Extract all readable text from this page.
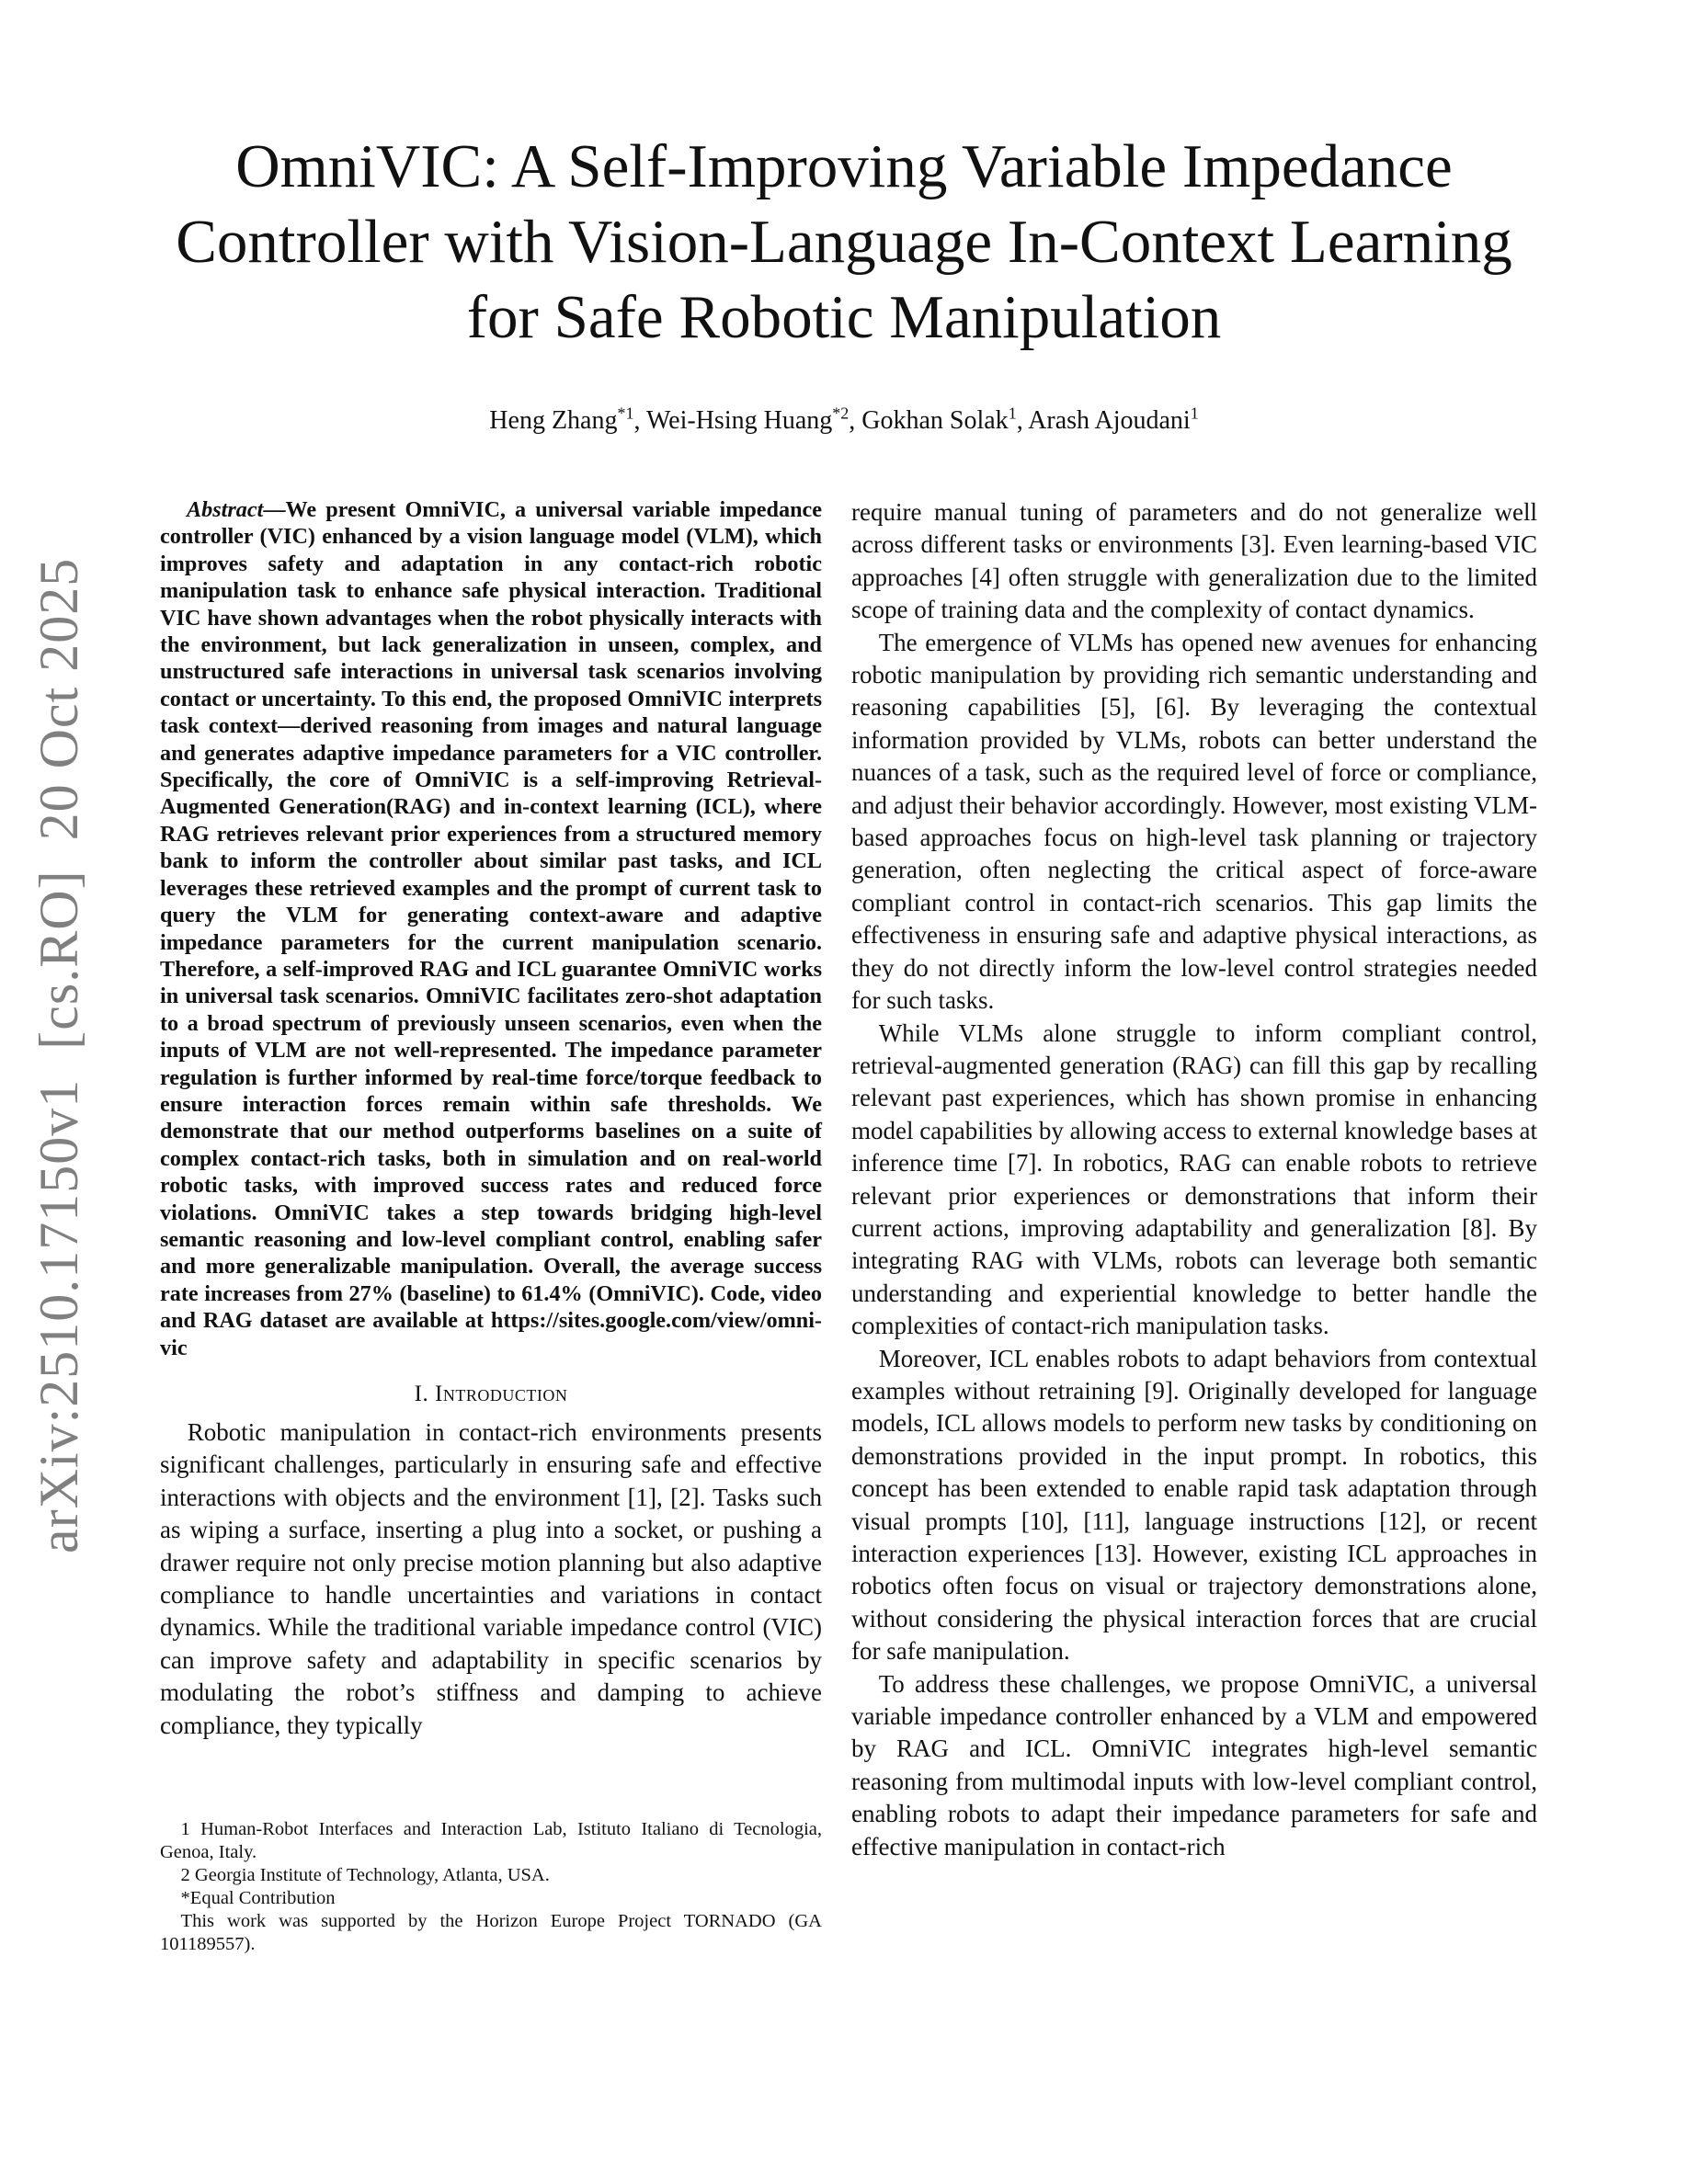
OmniVIC: A Self-Improving Variable Impedance Controller with Vision-Language In-Context Learning for Safe Robotic Manipulation
Heng Zhang$^{*1}$, Wei-Hsing Huang$^{*2}$, Gokhan Solak$^1$, Arash Ajoudani$^1$
arXiv:2510.17150v1  [cs.RO]  20 Oct 2025

Abstract—We present OmniVIC, a universal variable impedance controller (VIC) enhanced by a vision language model (VLM), which improves safety and adaptation in any contact-rich robotic manipulation task to enhance safe physical interaction. Traditional VIC have shown advantages when the robot physically interacts with the environment, but lack generalization in unseen, complex, and unstructured safe interactions in universal task scenarios involving contact or uncertainty. To this end, the proposed OmniVIC interprets task context—derived reasoning from images and natural language and generates adaptive impedance parameters for a VIC controller. Specifically, the core of OmniVIC is a self-improving Retrieval-Augmented Generation(RAG) and in-context learning (ICL), where RAG retrieves relevant prior experiences from a structured memory bank to inform the controller about similar past tasks, and ICL leverages these retrieved examples and the prompt of current task to query the VLM for generating context-aware and adaptive impedance parameters for the current manipulation scenario. Therefore, a self-improved RAG and ICL guarantee OmniVIC works in universal task scenarios. OmniVIC facilitates zero-shot adaptation to a broad spectrum of previously unseen scenarios, even when the inputs of VLM are not well-represented. The impedance parameter regulation is further informed by real-time force/torque feedback to ensure interaction forces remain within safe thresholds. We demonstrate that our method outperforms baselines on a suite of complex contact-rich tasks, both in simulation and on real-world robotic tasks, with improved success rates and reduced force violations. OmniVIC takes a step towards bridging high-level semantic reasoning and low-level compliant control, enabling safer and more generalizable manipulation. Overall, the average success rate increases from 27% (baseline) to 61.4% (OmniVIC). Code, video and RAG dataset are available at https://sites.google.com/view/omni-vic

I. Introduction

Robotic manipulation in contact-rich environments presents significant challenges, particularly in ensuring safe and effective interactions with objects and the environment [1], [2]. Tasks such as wiping a surface, inserting a plug into a socket, or pushing a drawer require not only precise motion planning but also adaptive compliance to handle uncertainties and variations in contact dynamics. While the traditional variable impedance control (VIC) can improve safety and adaptability in specific scenarios by modulating the robot’s stiffness and damping to achieve compliance, they typically

1 Human-Robot Interfaces and Interaction Lab, Istituto Italiano di Tecnologia, Genoa, Italy.

2 Georgia Institute of Technology, Atlanta, USA.

*Equal Contribution

This work was supported by the Horizon Europe Project TORNADO (GA 101189557).

require manual tuning of parameters and do not generalize well across different tasks or environments [3]. Even learning-based VIC approaches [4] often struggle with generalization due to the limited scope of training data and the complexity of contact dynamics.

The emergence of VLMs has opened new avenues for enhancing robotic manipulation by providing rich semantic understanding and reasoning capabilities [5], [6]. By leveraging the contextual information provided by VLMs, robots can better understand the nuances of a task, such as the required level of force or compliance, and adjust their behavior accordingly. However, most existing VLM-based approaches focus on high-level task planning or trajectory generation, often neglecting the critical aspect of force-aware compliant control in contact-rich scenarios. This gap limits the effectiveness in ensuring safe and adaptive physical interactions, as they do not directly inform the low-level control strategies needed for such tasks.

While VLMs alone struggle to inform compliant control, retrieval-augmented generation (RAG) can fill this gap by recalling relevant past experiences, which has shown promise in enhancing model capabilities by allowing access to external knowledge bases at inference time [7]. In robotics, RAG can enable robots to retrieve relevant prior experiences or demonstrations that inform their current actions, improving adaptability and generalization [8]. By integrating RAG with VLMs, robots can leverage both semantic understanding and experiential knowledge to better handle the complexities of contact-rich manipulation tasks.

Moreover, ICL enables robots to adapt behaviors from contextual examples without retraining [9]. Originally developed for language models, ICL allows models to perform new tasks by conditioning on demonstrations provided in the input prompt. In robotics, this concept has been extended to enable rapid task adaptation through visual prompts [10], [11], language instructions [12], or recent interaction experiences [13]. However, existing ICL approaches in robotics often focus on visual or trajectory demonstrations alone, without considering the physical interaction forces that are crucial for safe manipulation.

To address these challenges, we propose OmniVIC, a universal variable impedance controller enhanced by a VLM and empowered by RAG and ICL. OmniVIC integrates high-level semantic reasoning from multimodal inputs with low-level compliant control, enabling robots to adapt their impedance parameters for safe and effective manipulation in contact-rich
